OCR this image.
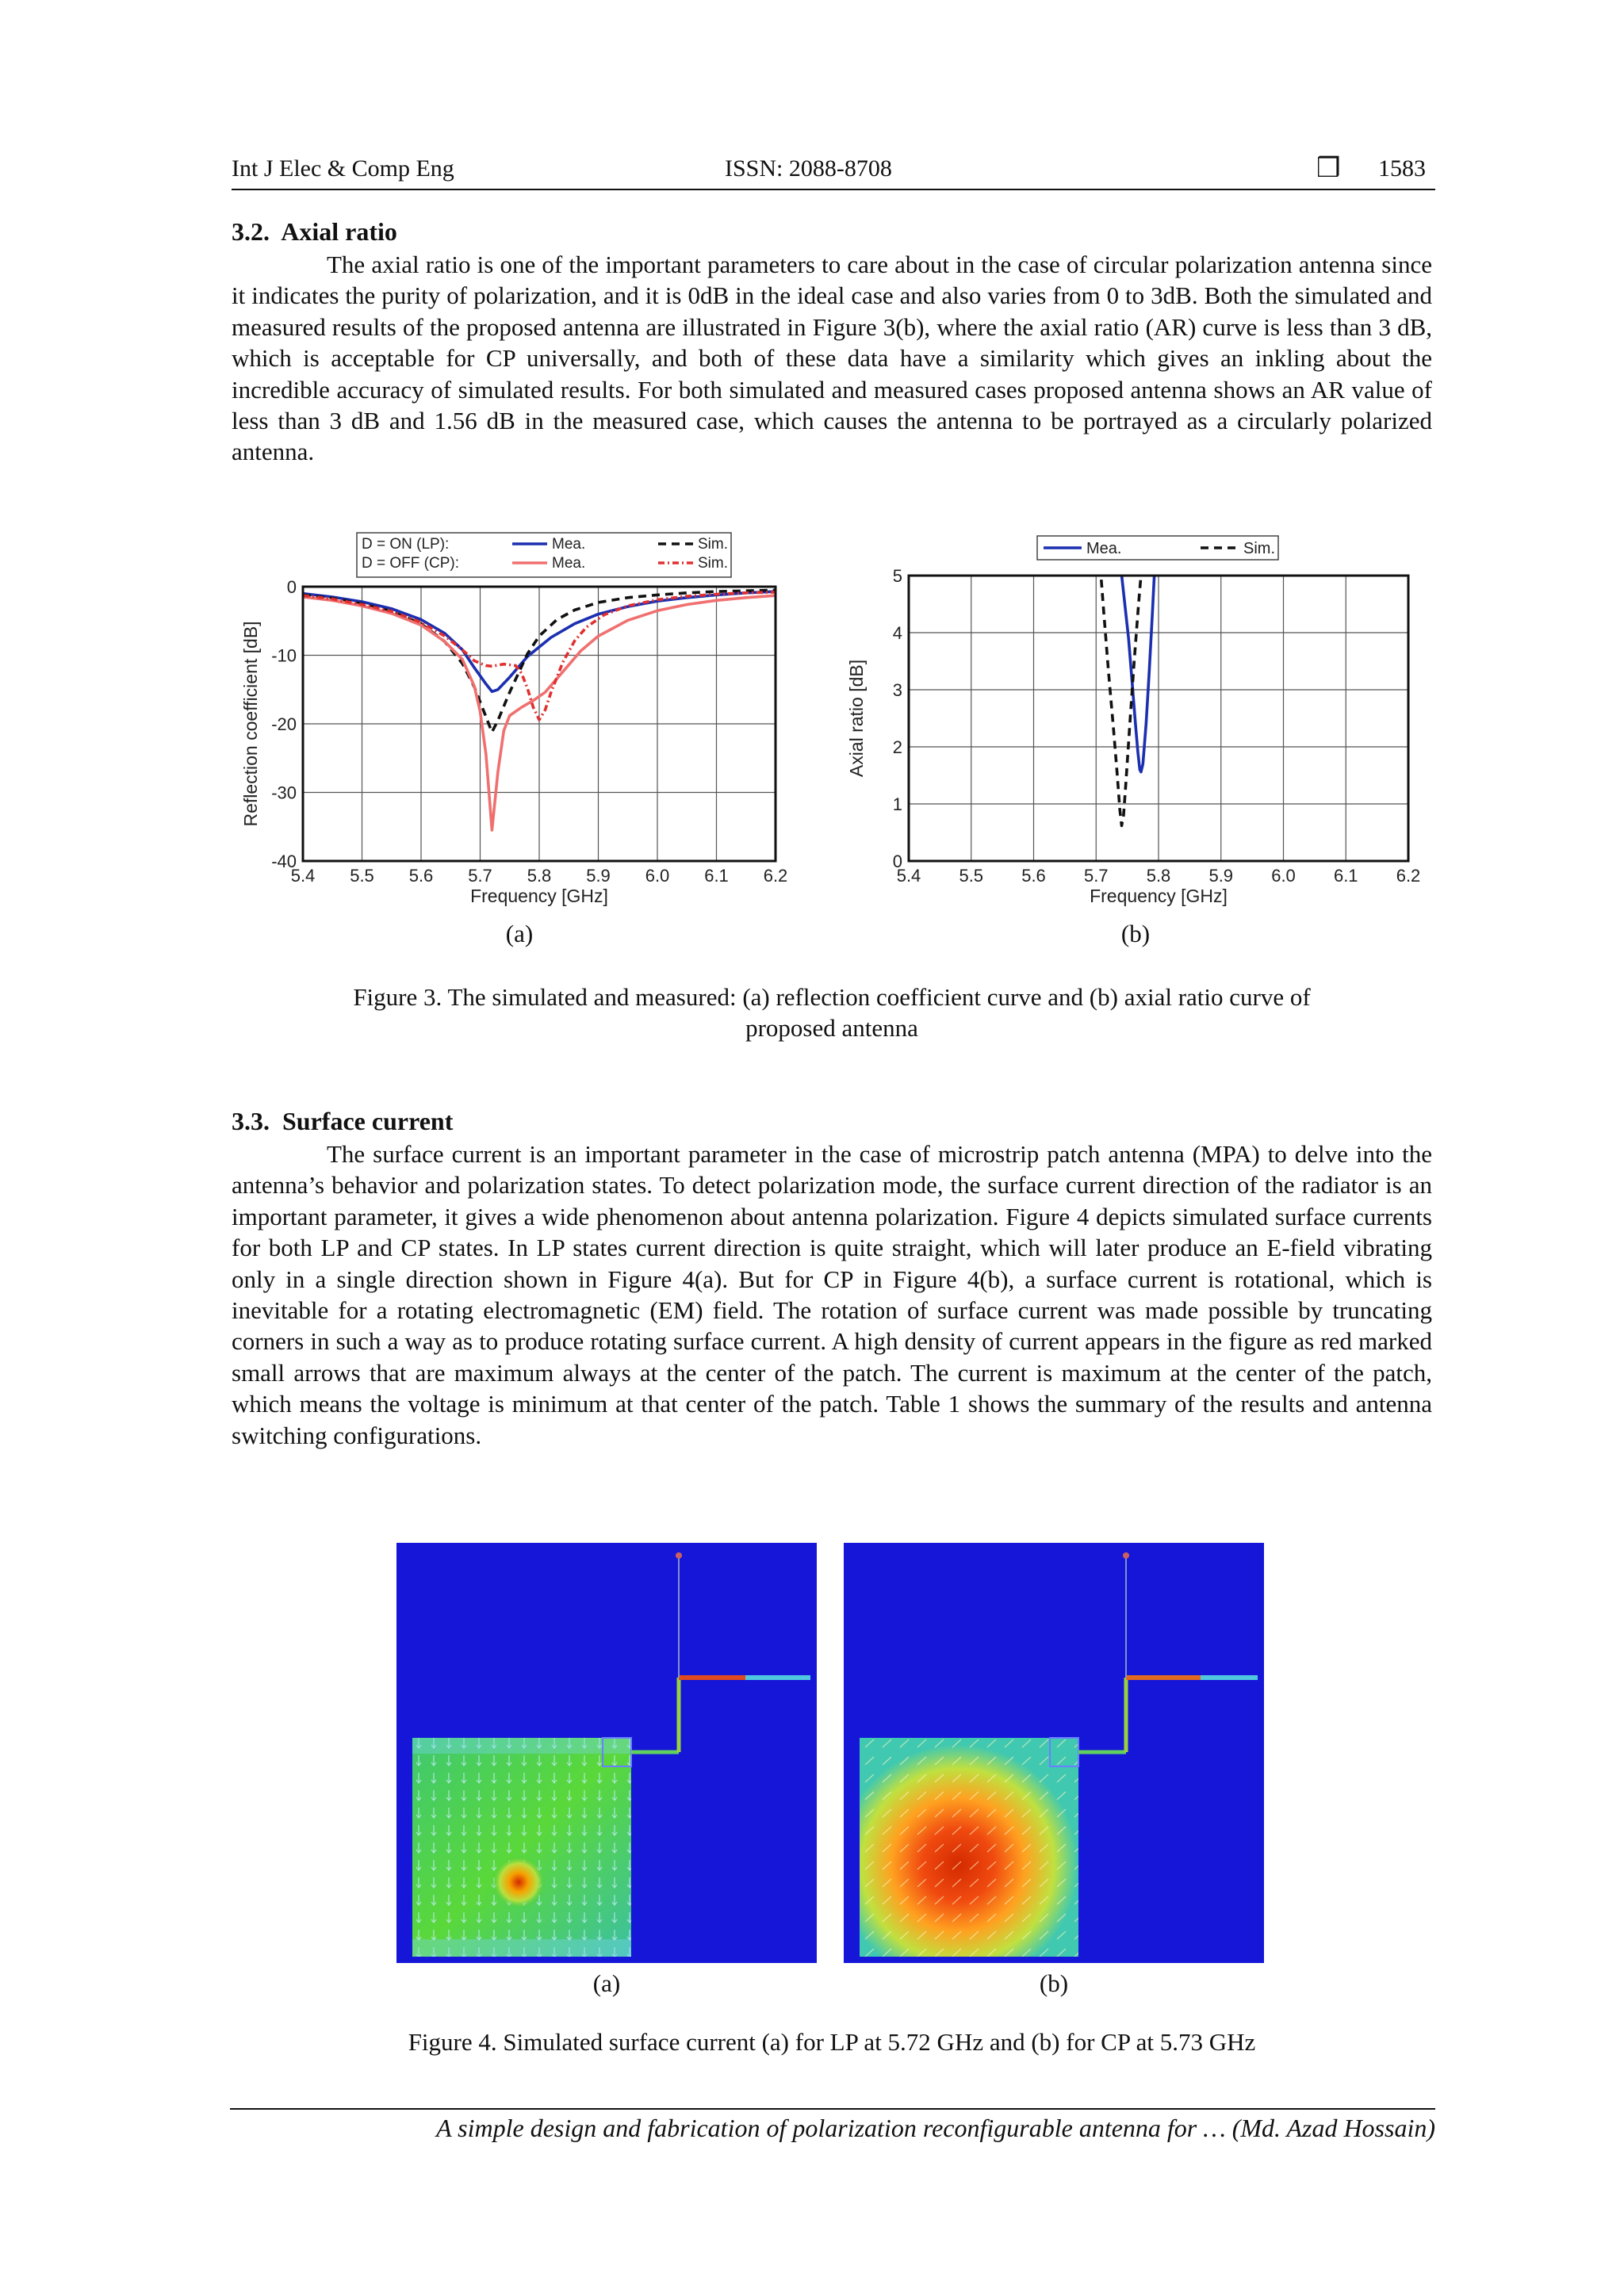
Int J Elec & Comp Eng	ISSN: 2088-8708	❒ 1583
3.2.  Axial ratio

The axial ratio is one of the important parameters to care about in the case of circular polarization antenna since it indicates the purity of polarization, and it is 0dB in the ideal case and also varies from 0 to 3dB. Both the simulated and measured results of the proposed antenna are illustrated in Figure 3(b), where the axial ratio (AR) curve is less than 3 dB, which is acceptable for CP universally, and both of these data have a similarity which gives an inkling about the incredible accuracy of simulated results. For both simulated and measured cases proposed antenna shows an AR value of less than 3 dB and 1.56 dB in the measured case, which causes the antenna to be portrayed as a circularly polarized antenna.

5.4 5.5 5.6 5.7 5.8 5.9 6.0 6.1 6.2
0
-10
-20
-30
-40
Frequency [GHz]
Reflection coefficient [dB]
D = ON (LP):	Mea.	Sim.
D = OFF (CP):	Mea.	Sim.
(a)
5.4 5.5 5.6 5.7 5.8 5.9 6.0 6.1 6.2
0
1
2
3
4
5
Frequency [GHz]
Axial ratio [dB]
Mea.	Sim.
(b)
Figure 3. The simulated and measured: (a) reflection coefficient curve and (b) axial ratio curve of
proposed antenna
3.3.  Surface current

The surface current is an important parameter in the case of microstrip patch antenna (MPA) to delve into the antenna’s behavior and polarization states. To detect polarization mode, the surface current direction of the radiator is an important parameter, it gives a wide phenomenon about antenna polarization. Figure 4 depicts simulated surface currents for both LP and CP states. In LP states current direction is quite straight, which will later produce an E-field vibrating only in a single direction shown in Figure 4(a). But for CP in Figure 4(b), a surface current is rotational, which is inevitable for a rotating electromagnetic (EM) field. The rotation of surface current was made possible by truncating corners in such a way as to produce rotating surface current. A high density of current appears in the figure as red marked small arrows that are maximum always at the center of the patch. The current is maximum at the center of the patch, which means the voltage is minimum at that center of the patch. Table 1 shows the summary of the results and antenna switching configurations.

(a)	(b)
Figure 4. Simulated surface current (a) for LP at 5.72 GHz and (b) for CP at 5.73 GHz
A simple design and fabrication of polarization reconfigurable antenna for … (Md. Azad Hossain)
